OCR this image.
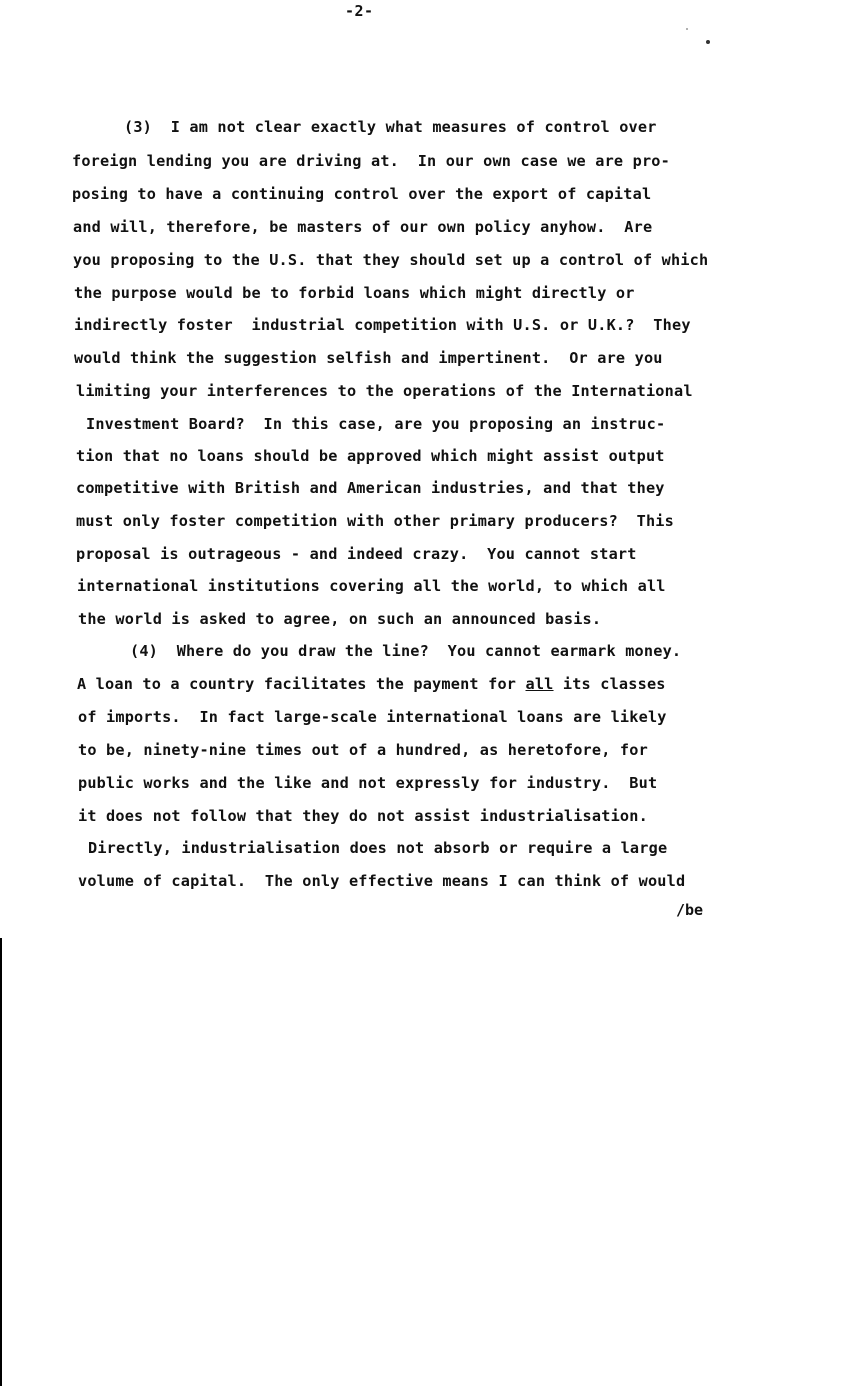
-2-
(3)  I am not clear exactly what measures of control over
foreign lending you are driving at.  In our own case we are pro-
posing to have a continuing control over the export of capital
and will, therefore, be masters of our own policy anyhow.  Are
you proposing to the U.S. that they should set up a control of which
the purpose would be to forbid loans which might directly or
indirectly foster  industrial competition with U.S. or U.K.?  They
would think the suggestion selfish and impertinent.  Or are you
limiting your interferences to the operations of the International
Investment Board?  In this case, are you proposing an instruc-
tion that no loans should be approved which might assist output
competitive with British and American industries, and that they
must only foster competition with other primary producers?  This
proposal is outrageous - and indeed crazy.  You cannot start
international institutions covering all the world, to which all
the world is asked to agree, on such an announced basis.
(4)  Where do you draw the line?  You cannot earmark money.
A loan to a country facilitates the payment for all its classes
of imports.  In fact large-scale international loans are likely
to be, ninety-nine times out of a hundred, as heretofore, for
public works and the like and not expressly for industry.  But
it does not follow that they do not assist industrialisation.
Directly, industrialisation does not absorb or require a large
volume of capital.  The only effective means I can think of would
/be
